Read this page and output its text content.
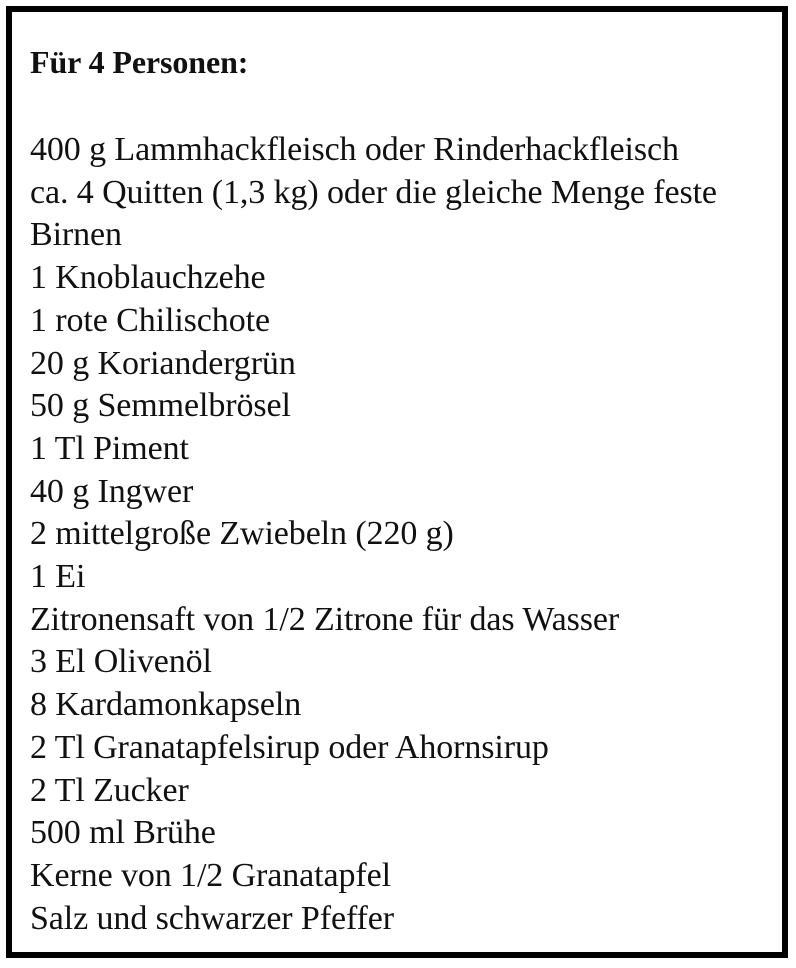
Für 4 Personen:
400 g Lammhackfleisch oder Rinderhackfleisch
ca. 4 Quitten (1,3 kg) oder die gleiche Menge feste Birnen
1 Knoblauchzehe
1 rote Chilischote
20 g Koriandergrün
50 g Semmelbrösel
1 Tl Piment
40 g Ingwer
2 mittelgroße Zwiebeln (220 g)
1 Ei
Zitronensaft von 1/2 Zitrone für das Wasser
3 El Olivenöl
8 Kardamonkapseln
2 Tl Granatapfelsirup oder Ahornsirup
2 Tl Zucker
500 ml Brühe
Kerne von 1/2 Granatapfel
Salz und schwarzer Pfeffer
